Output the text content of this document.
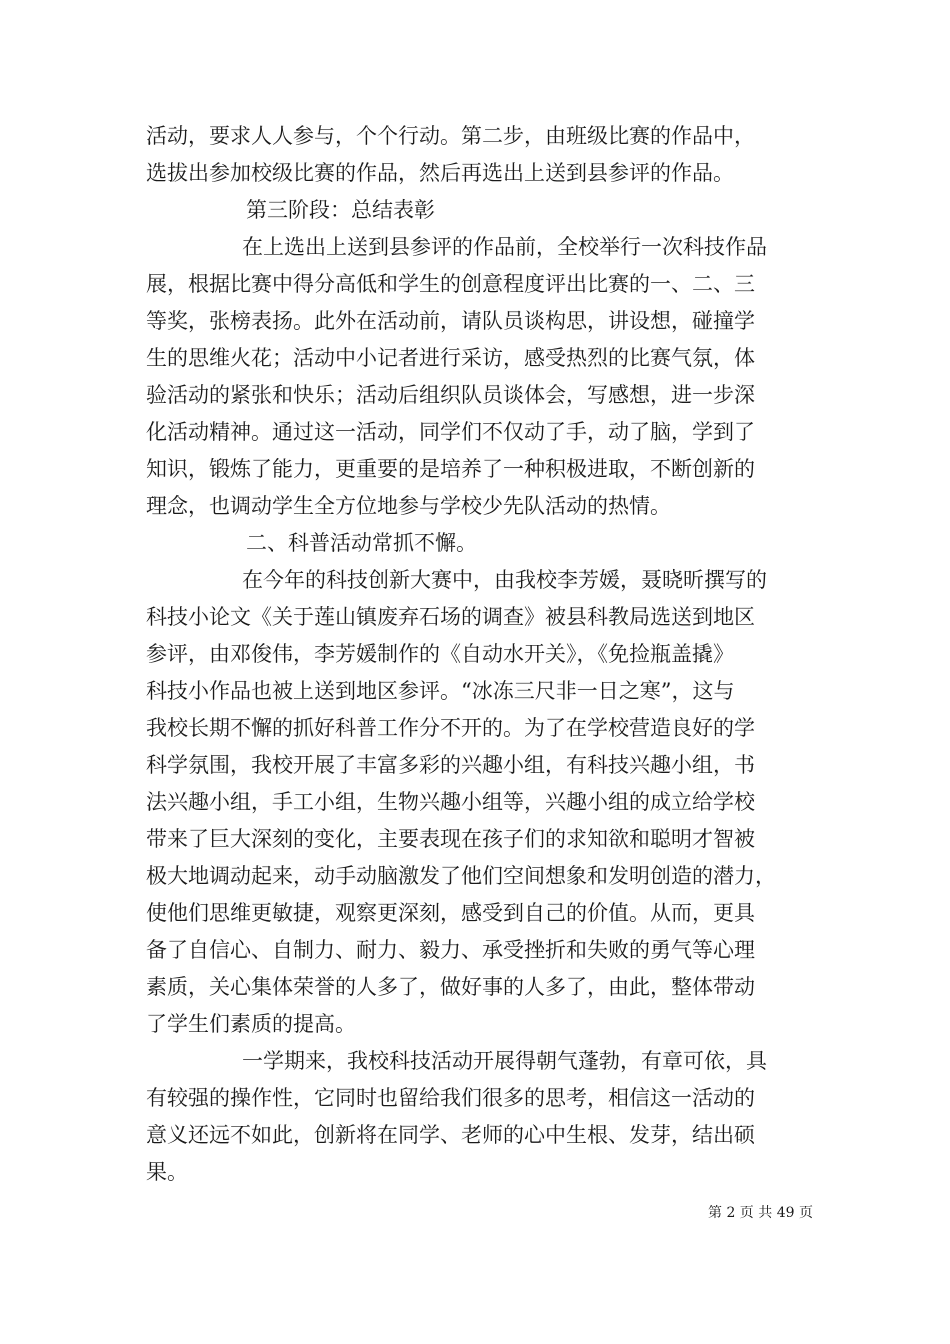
活动，要求人人参与，个个行动。第二步，由班级比赛的作品中，
选拔出参加校级比赛的作品，然后再选出上送到县参评的作品。
第三阶段：总结表彰
在上选出上送到县参评的作品前，全校举行一次科技作品
展，根据比赛中得分高低和学生的创意程度评出比赛的一、二、三
等奖，张榜表扬。此外在活动前，请队员谈构思，讲设想，碰撞学
生的思维火花；活动中小记者进行采访，感受热烈的比赛气氛，体
验活动的紧张和快乐；活动后组织队员谈体会，写感想，进一步深
化活动精神。通过这一活动，同学们不仅动了手，动了脑，学到了
知识，锻炼了能力，更重要的是培养了一种积极进取，不断创新的
理念，也调动学生全方位地参与学校少先队活动的热情。
二、科普活动常抓不懈。
在今年的科技创新大赛中，由我校李芳媛，聂晓昕撰写的
科技小论文《关于莲山镇废弃石场的调查》被县科教局选送到地区
参评，由邓俊伟，李芳媛制作的《自动水开关》，《免捡瓶盖撬》
科技小作品也被上送到地区参评。“冰冻三尺非一日之寒”，这与
我校长期不懈的抓好科普工作分不开的。为了在学校营造良好的学
科学氛围，我校开展了丰富多彩的兴趣小组，有科技兴趣小组，书
法兴趣小组，手工小组，生物兴趣小组等，兴趣小组的成立给学校
带来了巨大深刻的变化，主要表现在孩子们的求知欲和聪明才智被
极大地调动起来，动手动脑激发了他们空间想象和发明创造的潜力，
使他们思维更敏捷，观察更深刻，感受到自己的价值。从而，更具
备了自信心、自制力、耐力、毅力、承受挫折和失败的勇气等心理
素质，关心集体荣誉的人多了，做好事的人多了，由此，整体带动
了学生们素质的提高。
一学期来，我校科技活动开展得朝气蓬勃，有章可依，具
有较强的操作性，它同时也留给我们很多的思考，相信这一活动的
意义还远不如此，创新将在同学、老师的心中生根、发芽，结出硕
果。
第 2 页 共 49 页
